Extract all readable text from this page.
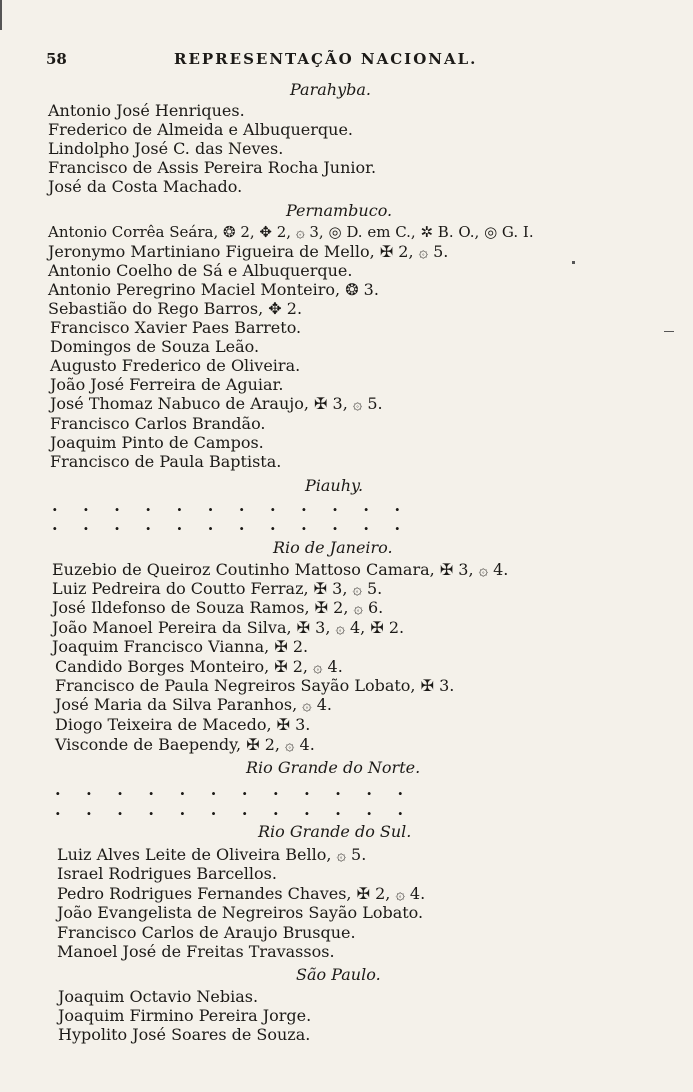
58	REPRESENTAÇÃO NACIONAL.
Parahyba.
Antonio José Henriques.
Frederico de Almeida e Albuquerque.
Lindolpho José C. das Neves.
Francisco de Assis Pereira Rocha Junior.
José da Costa Machado.
Pernambuco.
Antonio Corrêa Seára, ❂ 2, ✥ 2, ۞ 3, ◎ D. em C., ✲ B. O., ◎ G. I.
Jeronymo Martiniano Figueira de Mello, ✠ 2, ۞ 5.
Antonio Coelho de Sá e Albuquerque.
Antonio Peregrino Maciel Monteiro, ❂ 3.
Sebastião do Rego Barros, ✥ 2.
Francisco Xavier Paes Barreto.
Domingos de Souza Leão.
Augusto Frederico de Oliveira.
João José Ferreira de Aguiar.
José Thomaz Nabuco de Araujo, ✠ 3, ۞ 5.
Francisco Carlos Brandão.
Joaquim Pinto de Campos.
Francisco de Paula Baptista.
Piauhy.
. . . . . . . . . . . .
. . . . . . . . . . . .
Rio de Janeiro.
Euzebio de Queiroz Coutinho Mattoso Camara, ✠ 3, ۞ 4.
Luiz Pedreira do Coutto Ferraz, ✠ 3, ۞ 5.
José Ildefonso de Souza Ramos, ✠ 2, ۞ 6.
João Manoel Pereira da Silva, ✠ 3, ۞ 4, ✠ 2.
Joaquim Francisco Vianna, ✠ 2.
Candido Borges Monteiro, ✠ 2, ۞ 4.
Francisco de Paula Negreiros Sayão Lobato, ✠ 3.
José Maria da Silva Paranhos, ۞ 4.
Diogo Teixeira de Macedo, ✠ 3.
Visconde de Baependy, ✠ 2, ۞ 4.
Rio Grande do Norte.
. . . . . . . . . . . .
. . . . . . . . . . . .
Rio Grande do Sul.
Luiz Alves Leite de Oliveira Bello, ۞ 5.
Israel Rodrigues Barcellos.
Pedro Rodrigues Fernandes Chaves, ✠ 2, ۞ 4.
João Evangelista de Negreiros Sayão Lobato.
Francisco Carlos de Araujo Brusque.
Manoel José de Freitas Travassos.
São Paulo.
Joaquim Octavio Nebias.
Joaquim Firmino Pereira Jorge.
Hypolito José Soares de Souza.
